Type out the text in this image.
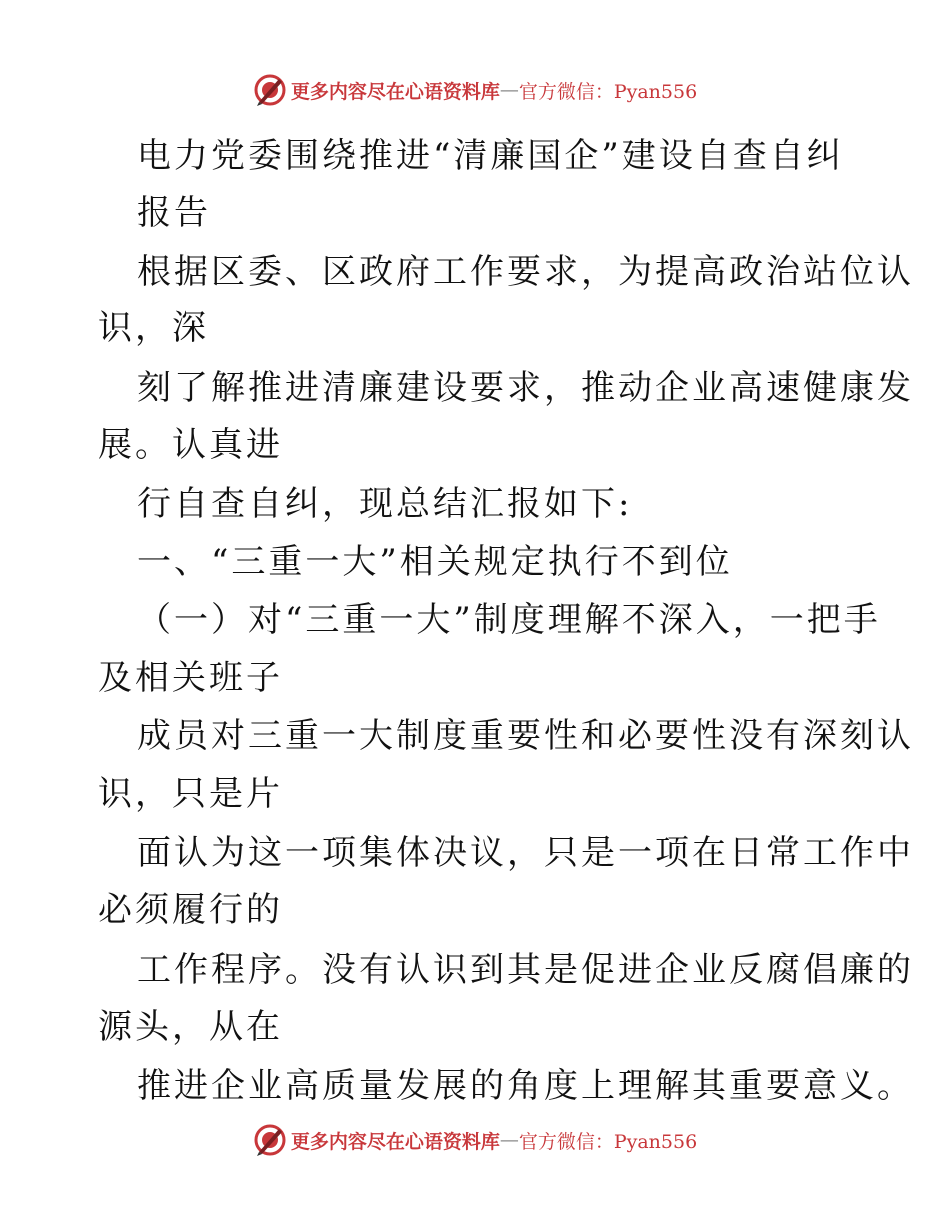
更多内容尽在心语资料库 — 官方微信：Pyan556
电力党委围绕推进“清廉国企”建设自查自纠
报告
根据区委、区政府工作要求，为提高政治站位认
识，深
刻了解推进清廉建设要求，推动企业高速健康发
展。认真进
行自查自纠，现总结汇报如下:
一、“三重一大”相关规定执行不到位
（一）对“三重一大”制度理解不深入，一把手
及相关班子
成员对三重一大制度重要性和必要性没有深刻认
识，只是片
面认为这一项集体决议，只是一项在日常工作中
必须履行的
工作程序。没有认识到其是促进企业反腐倡廉的
源头，从在
推进企业高质量发展的角度上理解其重要意义。
更多内容尽在心语资料库 — 官方微信：Pyan556
